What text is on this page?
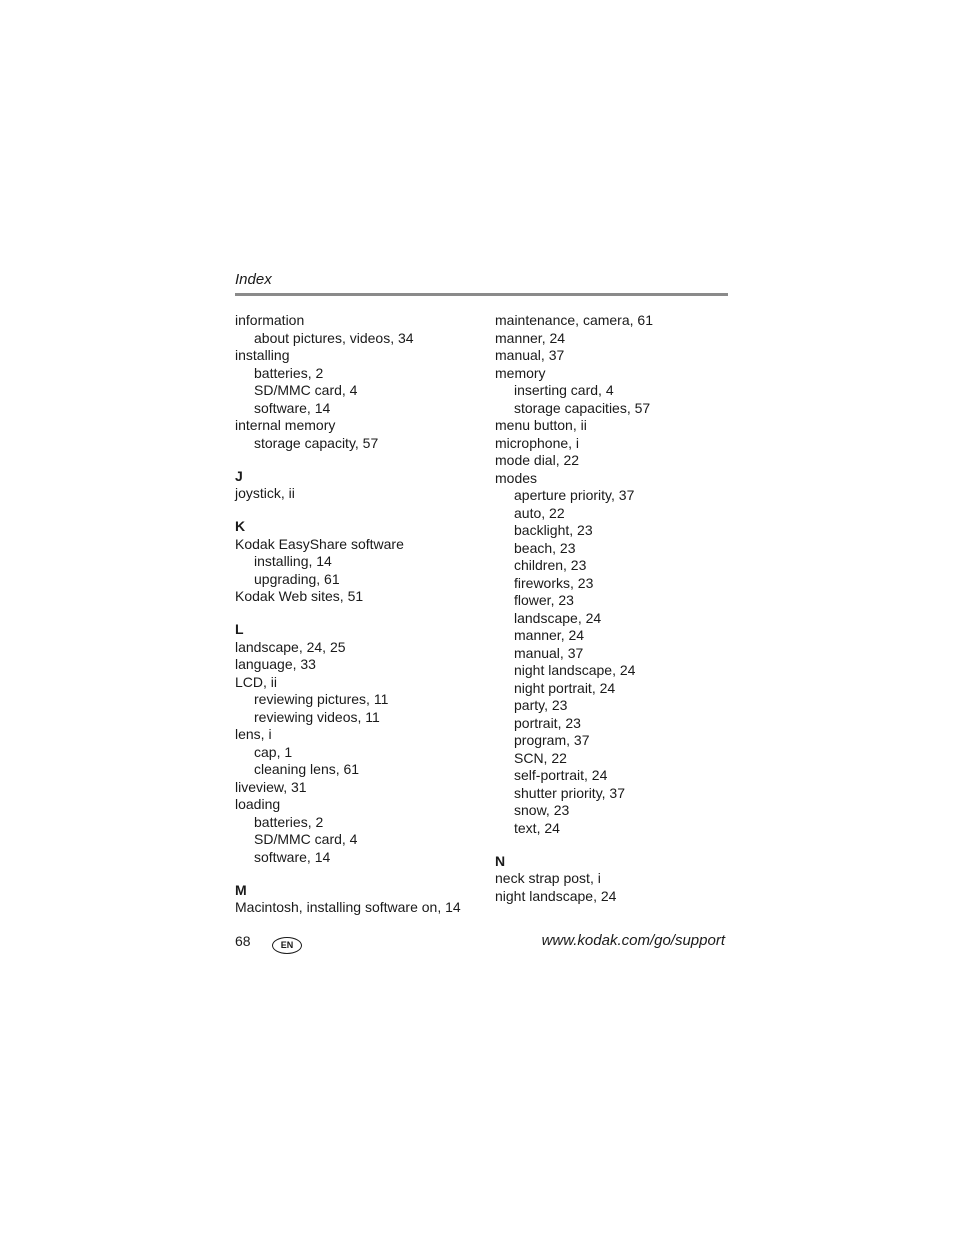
Index
information
about pictures, videos, 34
installing
batteries, 2
SD/MMC card, 4
software, 14
internal memory
storage capacity, 57
J
joystick, ii
K
Kodak EasyShare software
installing, 14
upgrading, 61
Kodak Web sites, 51
L
landscape, 24, 25
language, 33
LCD, ii
reviewing pictures, 11
reviewing videos, 11
lens, i
cap, 1
cleaning lens, 61
liveview, 31
loading
batteries, 2
SD/MMC card, 4
software, 14
M
Macintosh, installing software on, 14
maintenance, camera, 61
manner, 24
manual, 37
memory
inserting card, 4
storage capacities, 57
menu button, ii
microphone, i
mode dial, 22
modes
aperture priority, 37
auto, 22
backlight, 23
beach, 23
children, 23
fireworks, 23
flower, 23
landscape, 24
manner, 24
manual, 37
night landscape, 24
night portrait, 24
party, 23
portrait, 23
program, 37
SCN, 22
self-portrait, 24
shutter priority, 37
snow, 23
text, 24
N
neck strap post, i
night landscape, 24
68	EN	www.kodak.com/go/support
